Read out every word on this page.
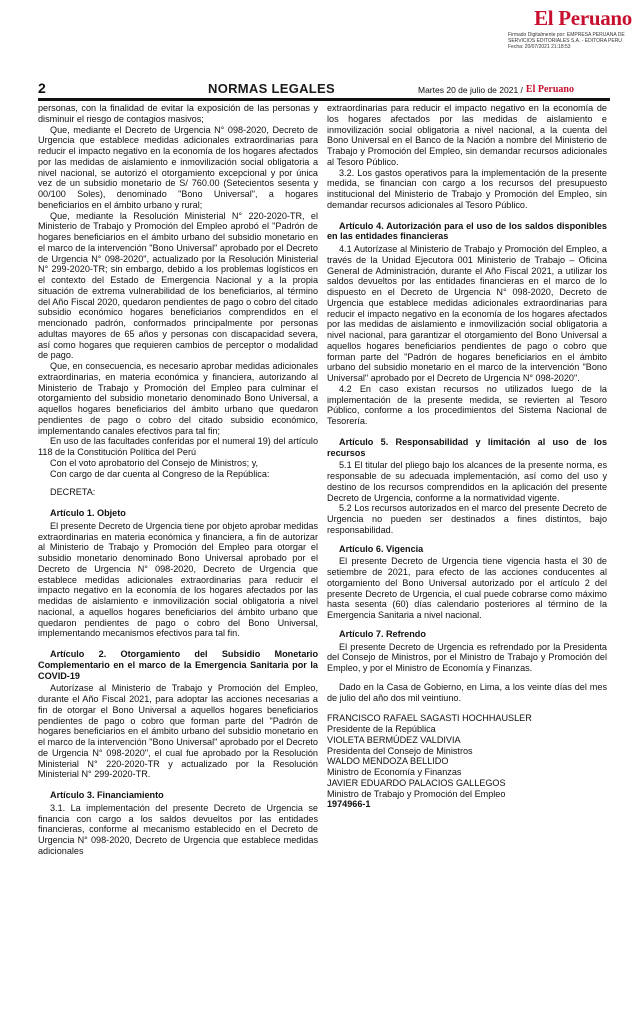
El Peruano
Firmado Digitalmente por: EMPRESA PERUANA DE SERVICIOS EDITORIALES S.A. - EDITORA PERU Fecha: 20/07/2021 21:18:53
2	NORMAS LEGALES	Martes 20 de julio de 2021 / El Peruano

personas, con la finalidad de evitar la exposición de las personas y disminuir el riesgo de contagios masivos;

Que, mediante el Decreto de Urgencia N° 098-2020, Decreto de Urgencia que establece medidas adicionales extraordinarias para reducir el impacto negativo en la economía de los hogares afectados por las medidas de aislamiento e inmovilización social obligatoria a nivel nacional, se autorizó el otorgamiento excepcional y por única vez de un subsidio monetario de S/ 760.00 (Setecientos sesenta y 00/100 Soles), denominado "Bono Universal", a hogares beneficiarios en el ámbito urbano y rural;

Que, mediante la Resolución Ministerial N° 220-2020-TR, el Ministerio de Trabajo y Promoción del Empleo aprobó el "Padrón de hogares beneficiarios en el ámbito urbano del subsidio monetario en el marco de la intervención "Bono Universal" aprobado por el Decreto de Urgencia N° 098-2020", actualizado por la Resolución Ministerial N° 299-2020-TR; sin embargo, debido a los problemas logísticos en el contexto del Estado de Emergencia Nacional y a la propia situación de extrema vulnerabilidad de los beneficiarios, al término del Año Fiscal 2020, quedaron pendientes de pago o cobro del citado subsidio económico hogares beneficiarios comprendidos en el mencionado padrón, conformados principalmente por personas adultas mayores de 65 años y personas con discapacidad severa, así como hogares que requieren cambios de perceptor o modalidad de pago.

Que, en consecuencia, es necesario aprobar medidas adicionales extraordinarias, en materia económica y financiera, autorizando al Ministerio de Trabajo y Promoción del Empleo para culminar el otorgamiento del subsidio monetario denominado Bono Universal, a aquellos hogares beneficiarios del ámbito urbano que quedaron pendientes de pago o cobro del citado subsidio económico, implementando canales efectivos para tal fin;

En uso de las facultades conferidas por el numeral 19) del artículo 118 de la Constitución Política del Perú

Con el voto aprobatorio del Consejo de Ministros; y,

Con cargo de dar cuenta al Congreso de la República:

DECRETA:

Artículo 1. Objeto

El presente Decreto de Urgencia tiene por objeto aprobar medidas extraordinarias en materia económica y financiera, a fin de autorizar al Ministerio de Trabajo y Promoción del Empleo para otorgar el subsidio monetario denominado Bono Universal aprobado por el Decreto de Urgencia N° 098-2020, Decreto de Urgencia que establece medidas adicionales extraordinarias para reducir el impacto negativo en la economía de los hogares afectados por las medidas de aislamiento e inmovilización social obligatoria a nivel nacional, a aquellos hogares beneficiarios del ámbito urbano que quedaron pendientes de pago o cobro del Bono Universal, implementando mecanismos efectivos para tal fin.

Artículo 2. Otorgamiento del Subsidio Monetario Complementario en el marco de la Emergencia Sanitaria por la COVID-19

Autorízase al Ministerio de Trabajo y Promoción del Empleo, durante el Año Fiscal 2021, para adoptar las acciones necesarias a fin de otorgar el Bono Universal a aquellos hogares beneficiarios pendientes de pago o cobro que forman parte del "Padrón de hogares beneficiarios en el ámbito urbano del subsidio monetario en el marco de la intervención "Bono Universal" aprobado por el Decreto de Urgencia N° 098-2020", el cual fue aprobado por la Resolución Ministerial N° 220-2020-TR y actualizado por la Resolución Ministerial N° 299-2020-TR.

Artículo 3. Financiamiento

3.1. La implementación del presente Decreto de Urgencia se financia con cargo a los saldos devueltos por las entidades financieras, conforme al mecanismo establecido en el Decreto de Urgencia N° 098-2020, Decreto de Urgencia que establece medidas adicionales

extraordinarias para reducir el impacto negativo en la economía de los hogares afectados por las medidas de aislamiento e inmovilización social obligatoria a nivel nacional, a la cuenta del Bono Universal en el Banco de la Nación a nombre del Ministerio de Trabajo y Promoción del Empleo, sin demandar recursos adicionales al Tesoro Público.

3.2. Los gastos operativos para la implementación de la presente medida, se financian con cargo a los recursos del presupuesto institucional del Ministerio de Trabajo y Promoción del Empleo, sin demandar recursos adicionales al Tesoro Público.

Artículo 4. Autorización para el uso de los saldos disponibles en las entidades financieras

4.1 Autorízase al Ministerio de Trabajo y Promoción del Empleo, a través de la Unidad Ejecutora 001 Ministerio de Trabajo – Oficina General de Administración, durante el Año Fiscal 2021, a utilizar los saldos devueltos por las entidades financieras en el marco de lo dispuesto en el Decreto de Urgencia N° 098-2020, Decreto de Urgencia que establece medidas adicionales extraordinarias para reducir el impacto negativo en la economía de los hogares afectados por las medidas de aislamiento e inmovilización social obligatoria a nivel nacional, para garantizar el otorgamiento del Bono Universal a aquellos hogares beneficiarios pendientes de pago o cobro que forman parte del "Padrón de hogares beneficiarios en el ámbito urbano del subsidio monetario en el marco de la intervención "Bono Universal" aprobado por el Decreto de Urgencia N° 098-2020".

4.2 En caso existan recursos no utilizados luego de la implementación de la presente medida, se revierten al Tesoro Público, conforme a los procedimientos del Sistema Nacional de Tesorería.

Artículo 5. Responsabilidad y limitación al uso de los recursos

5.1 El titular del pliego bajo los alcances de la presente norma, es responsable de su adecuada implementación, así como del uso y destino de los recursos comprendidos en la aplicación del presente Decreto de Urgencia, conforme a la normatividad vigente.

5.2 Los recursos autorizados en el marco del presente Decreto de Urgencia no pueden ser destinados a fines distintos, bajo responsabilidad.

Artículo 6. Vigencia

El presente Decreto de Urgencia tiene vigencia hasta el 30 de setiembre de 2021, para efecto de las acciones conducentes al otorgamiento del Bono Universal autorizado por el artículo 2 del presente Decreto de Urgencia, el cual puede cobrarse como máximo hasta sesenta (60) días calendario posteriores al término de la Emergencia Sanitaria a nivel nacional.

Artículo 7. Refrendo

El presente Decreto de Urgencia es refrendado por la Presidenta del Consejo de Ministros, por el Ministro de Trabajo y Promoción del Empleo, y por el Ministro de Economía y Finanzas.

Dado en la Casa de Gobierno, en Lima, a los veinte días del mes de julio del año dos mil veintiuno.

FRANCISCO RAFAEL SAGASTI HOCHHAUSLER
Presidente de la República

VIOLETA BERMÚDEZ VALDIVIA
Presidenta del Consejo de Ministros

WALDO MENDOZA BELLIDO
Ministro de Economía y Finanzas

JAVIER EDUARDO PALACIOS GALLEGOS
Ministro de Trabajo y Promoción del Empleo

1974966-1
